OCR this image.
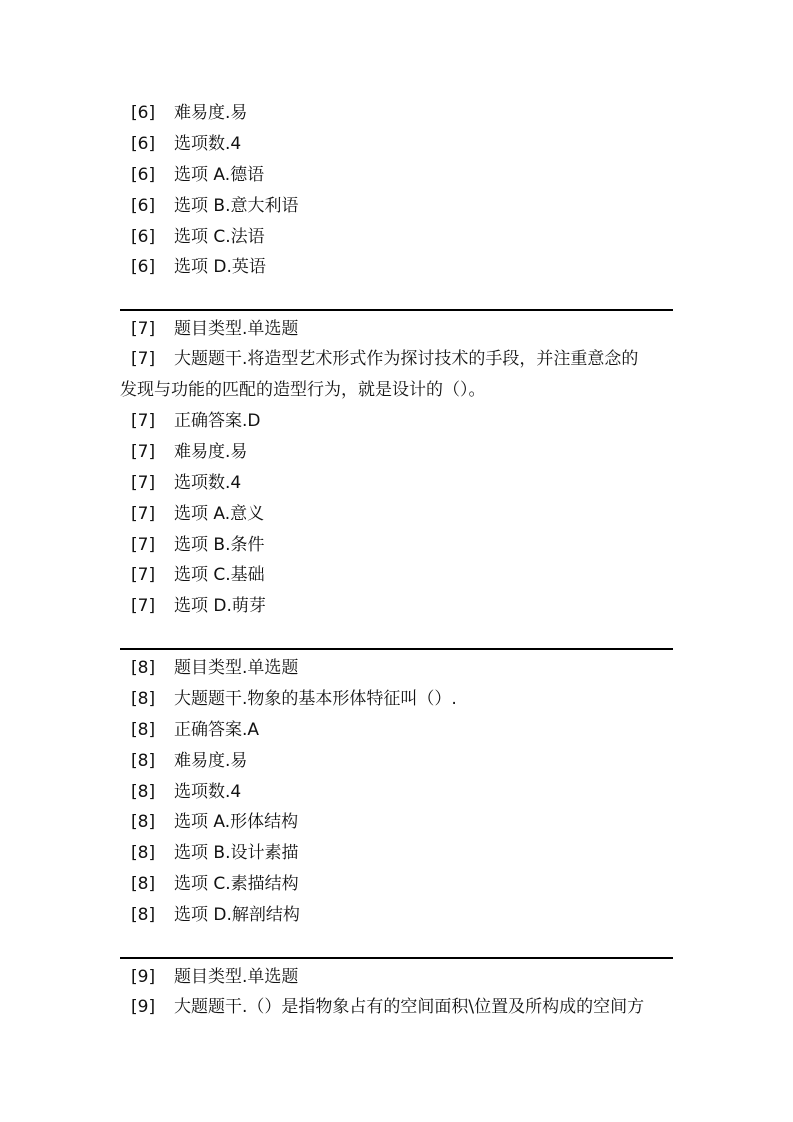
[6] 难易度.易
[6] 选项数.4
[6] 选项 A.德语
[6] 选项 B.意大利语
[6] 选项 C.法语
[6] 选项 D.英语
[7] 题目类型.单选题
[7] 大题题干.将造型艺术形式作为探讨技术的手段，并注重意念的
发现与功能的匹配的造型行为，就是设计的（）。
[7] 正确答案.D
[7] 难易度.易
[7] 选项数.4
[7] 选项 A.意义
[7] 选项 B.条件
[7] 选项 C.基础
[7] 选项 D.萌芽
[8] 题目类型.单选题
[8] 大题题干.物象的基本形体特征叫（）.
[8] 正确答案.A
[8] 难易度.易
[8] 选项数.4
[8] 选项 A.形体结构
[8] 选项 B.设计素描
[8] 选项 C.素描结构
[8] 选项 D.解剖结构
[9] 题目类型.单选题
[9] 大题题干.（）是指物象占有的空间面积\位置及所构成的空间方
